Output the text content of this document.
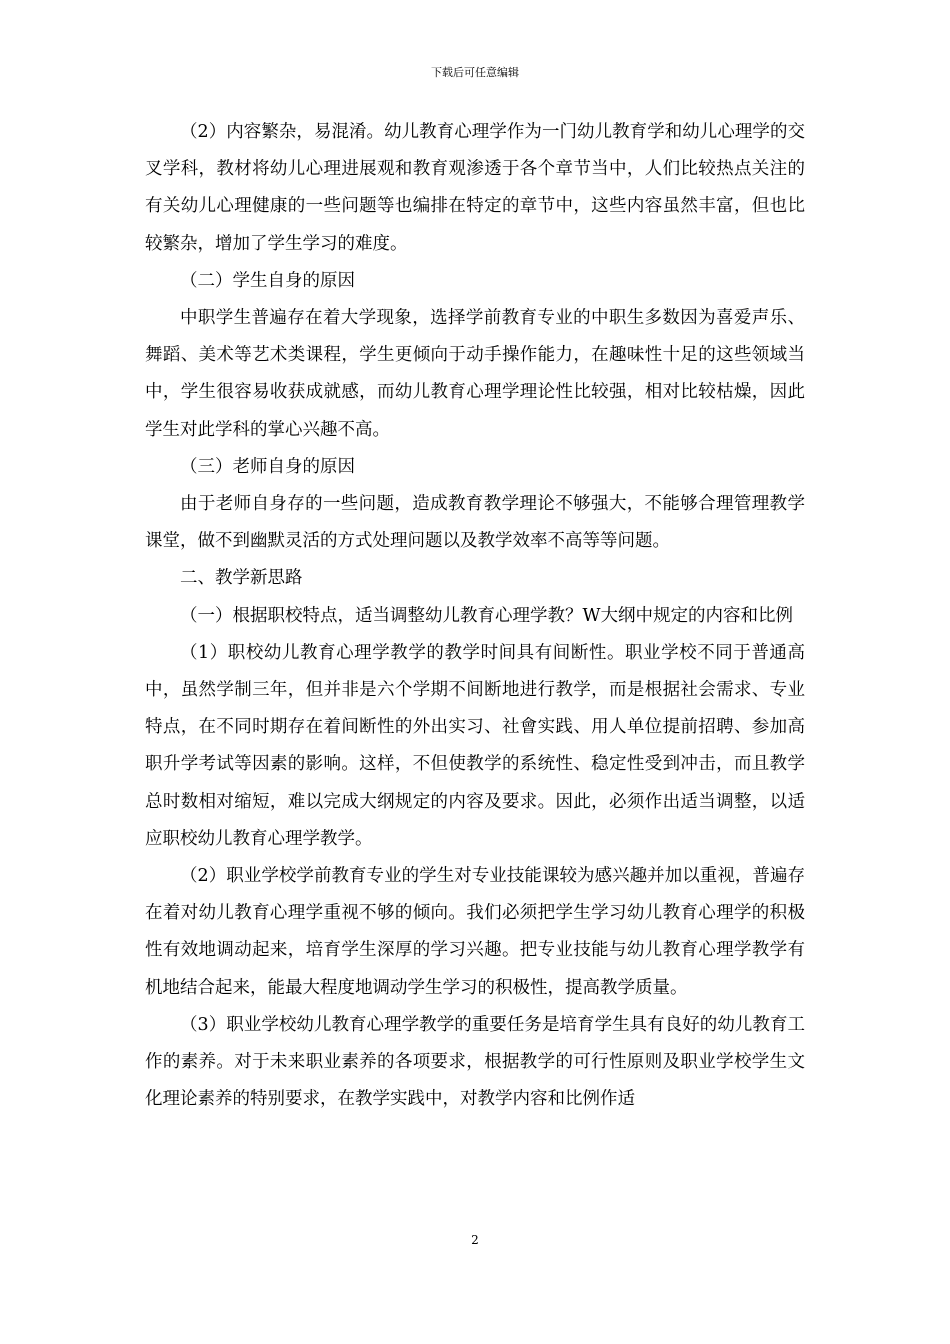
下载后可任意编辑

（2）内容繁杂，易混淆。幼儿教育心理学作为一门幼儿教育学和幼儿心理学的交叉学科，教材将幼儿心理进展观和教育观渗透于各个章节当中，人们比较热点关注的有关幼儿心理健康的一些问题等也编排在特定的章节中，这些内容虽然丰富，但也比较繁杂，增加了学生学习的难度。

（二）学生自身的原因

中职学生普遍存在着大学现象，选择学前教育专业的中职生多数因为喜爱声乐、舞蹈、美术等艺术类课程，学生更倾向于动手操作能力，在趣味性十足的这些领域当中，学生很容易收获成就感，而幼儿教育心理学理论性比较强，相对比较枯燥，因此学生对此学科的掌心兴趣不高。

（三）老师自身的原因

由于老师自身存的一些问题，造成教育教学理论不够强大，不能够合理管理教学课堂，做不到幽默灵活的方式处理问题以及教学效率不高等等问题。

二、教学新思路

（一）根据职校特点，适当调整幼儿教育心理学教？W大纲中规定的内容和比例

（1）职校幼儿教育心理学教学的教学时间具有间断性。职业学校不同于普通高中，虽然学制三年，但并非是六个学期不间断地进行教学，而是根据社会需求、专业特点，在不同时期存在着间断性的外出实习、社會实践、用人单位提前招聘、参加高职升学考试等因素的影响。这样，不但使教学的系统性、稳定性受到冲击，而且教学总时数相对缩短，难以完成大纲规定的内容及要求。因此，必须作出适当调整，以适应职校幼儿教育心理学教学。

（2）职业学校学前教育专业的学生对专业技能课较为感兴趣并加以重视，普遍存在着对幼儿教育心理学重视不够的倾向。我们必须把学生学习幼儿教育心理学的积极性有效地调动起来，培育学生深厚的学习兴趣。把专业技能与幼儿教育心理学教学有机地结合起来，能最大程度地调动学生学习的积极性，提高教学质量。

（3）职业学校幼儿教育心理学教学的重要任务是培育学生具有良好的幼儿教育工作的素养。对于未来职业素养的各项要求，根据教学的可行性原则及职业学校学生文化理论素养的特别要求，在教学实践中，对教学内容和比例作适

2
